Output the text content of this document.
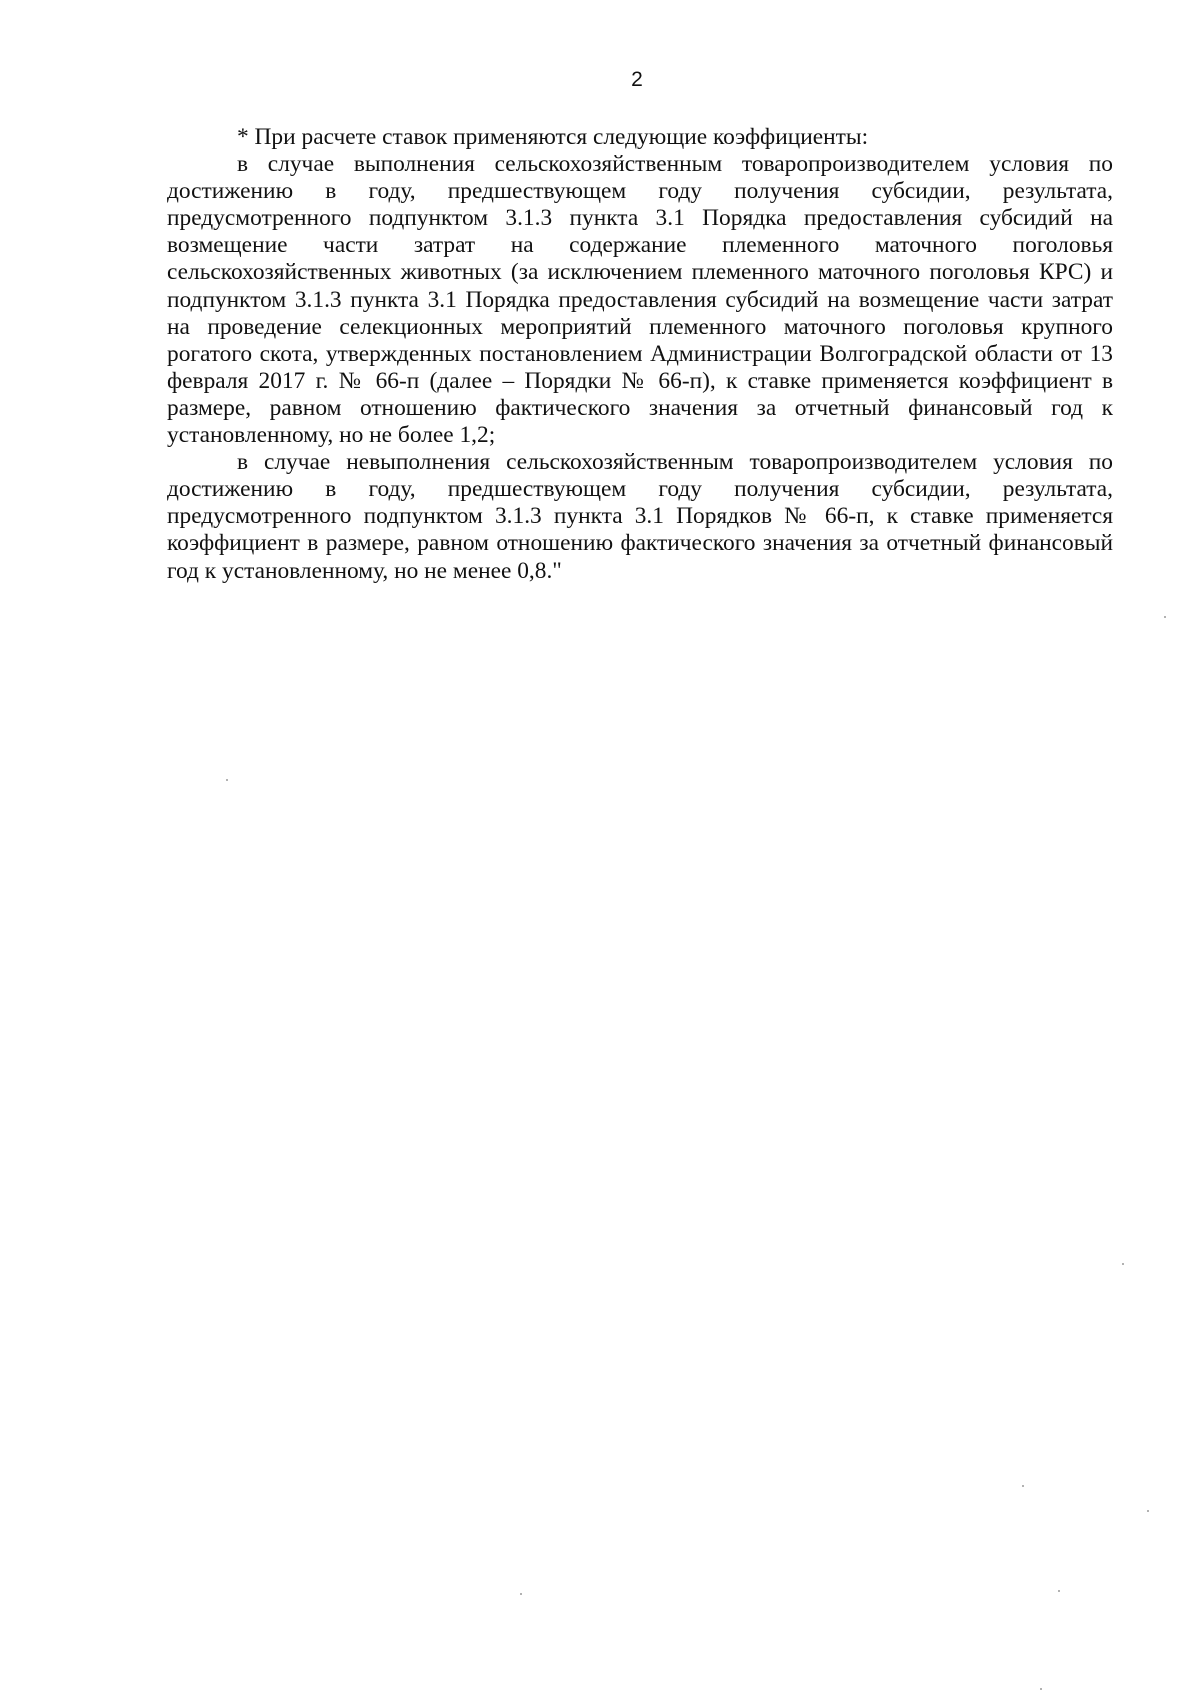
2

* При расчете ставок применяются следующие коэффициенты:

в случае выполнения сельскохозяйственным товаропроизводителем условия по достижению в году, предшествующем году получения субсидии, результата, предусмотренного подпунктом 3.1.3 пункта 3.1 Порядка предоставления субсидий на возмещение части затрат на содержание племенного маточного поголовья сельскохозяйственных животных (за исключением племенного маточного поголовья КРС) и подпунктом 3.1.3 пункта 3.1 Порядка предоставления субсидий на возмещение части затрат на проведение селекционных мероприятий племенного маточного поголовья крупного рогатого скота, утвержденных постановлением Администрации Волгоградской области от 13 февраля 2017 г. № 66-п (далее – Порядки № 66-п), к ставке применяется коэффициент в размере, равном отношению фактического значения за отчетный финансовый год к установленному, но не более 1,2;

в случае невыполнения сельскохозяйственным товаропроизводителем условия по достижению в году, предшествующем году получения субсидии, результата, предусмотренного подпунктом 3.1.3 пункта 3.1 Порядков № 66-п, к ставке применяется коэффициент в размере, равном отношению фактического значения за отчетный финансовый год к установленному, но не менее 0,8."
